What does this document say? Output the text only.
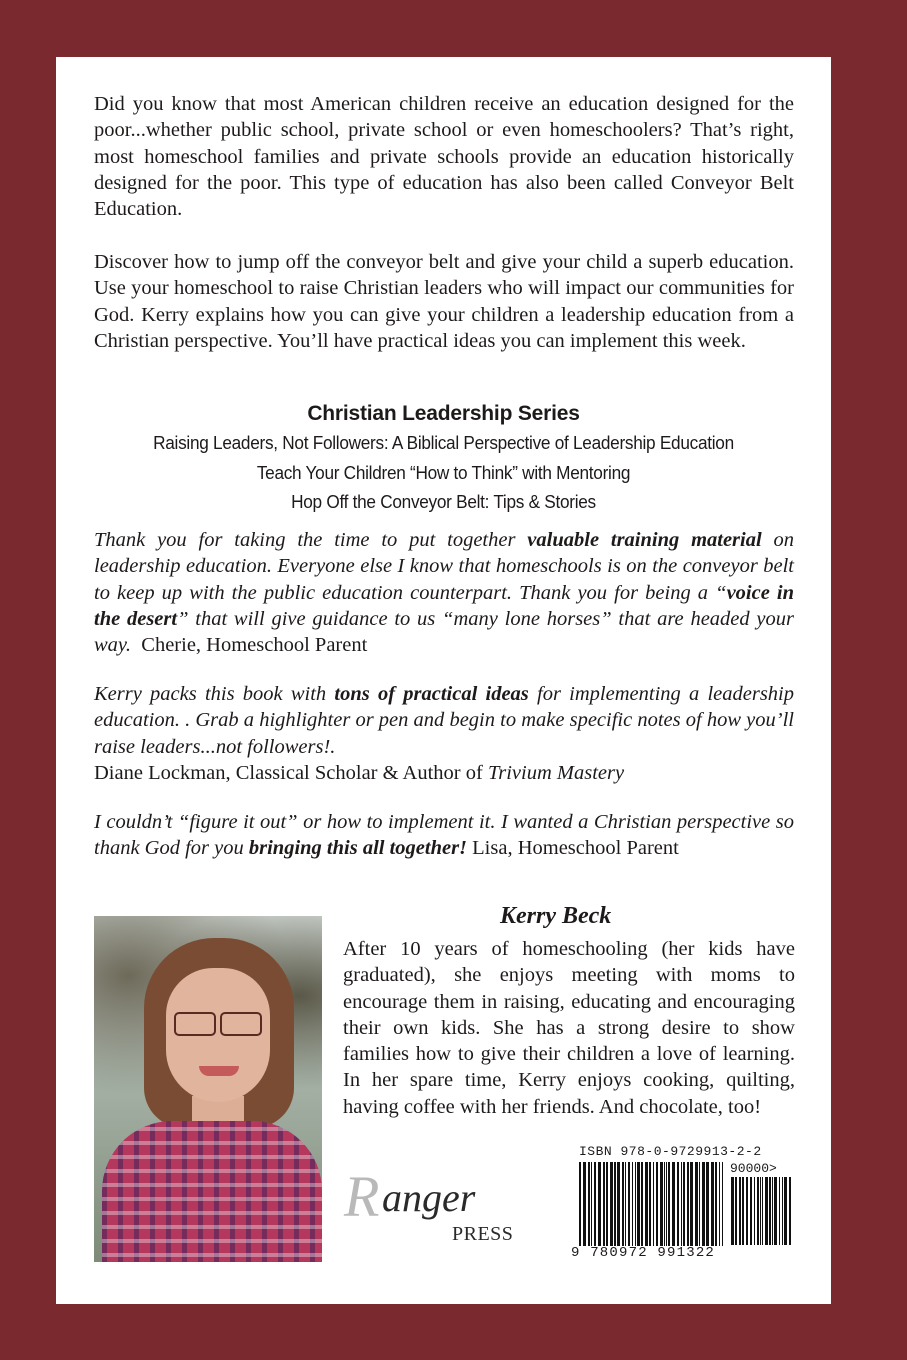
Did you know that most American children receive an education designed for the poor...whether public school, private school or even homeschoolers? That’s right, most homeschool families and private schools provide an education historically designed for the poor. This type of education has also been called Conveyor Belt Education.

Discover how to jump off the conveyor belt and give your child a superb education. Use your homeschool to raise Christian leaders who will impact our communities for God. Kerry explains how you can give your children a leadership education from a Christian perspective. You’ll have practical ideas you can implement this week.

Christian Leadership Series
Raising Leaders, Not Followers: A Biblical Perspective of Leadership Education
Teach Your Children “How to Think” with Mentoring
Hop Off the Conveyor Belt: Tips & Stories

Thank you for taking the time to put together valuable training material on leadership education. Everyone else I know that homeschools is on the conveyor belt to keep up with the public education counterpart. Thank you for being a “voice in the desert” that will give guidance to us “many lone horses” that are headed your way. Cherie, Homeschool Parent

Kerry packs this book with tons of practical ideas for implementing a leadership education. . Grab a highlighter or pen and begin to make specific notes of how you’ll raise leaders...not followers!.
Diane Lockman, Classical Scholar & Author of Trivium Mastery

I couldn’t “figure it out” or how to implement it. I wanted a Christian perspective so thank God for you bringing this all together! Lisa, Homeschool Parent

Kerry Beck

After 10 years of homeschooling (her kids have graduated), she enjoys meeting with moms to encourage them in raising, educating and encouraging their own kids. She has a strong desire to show families how to give their children a love of learning. In her spare time, Kerry enjoys cooking, quilting, having coffee with her friends. And chocolate, too!

R
anger
PRESS
ISBN 978-0-9729913-2-2
90000>
9 780972 991322
